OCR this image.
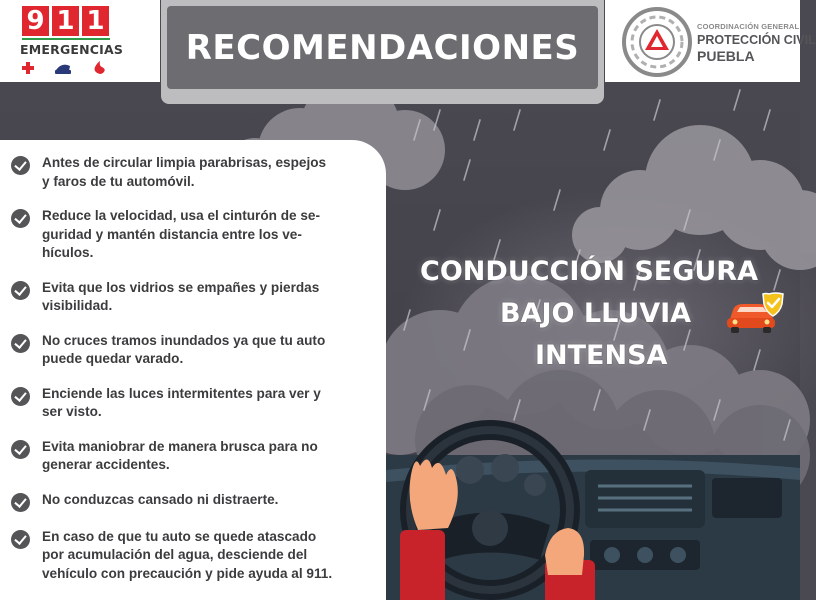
9 1 1
EMERGENCIAS RECOMENDACIONES
COORDINACIÓN GENERAL
PROTECCIÓN CIVIL
PUEBLA
Antes de circular limpia parabrisas, espejos
y faros de tu automóvil.
Reduce la velocidad, usa el cinturón de se-
guridad y mantén distancia entre los ve-
hículos.
Evita que los vidrios se empañes y pierdas
visibilidad.
No cruces tramos inundados ya que tu auto
puede quedar varado.
Enciende las luces intermitentes para ver y
ser visto.
Evita maniobrar de manera brusca para no
generar accidentes.
No conduzcas cansado ni distraerte.
En caso de que tu auto se quede atascado
por acumulación del agua, desciende del
vehículo con precaución y pide ayuda al 911.
CONDUCCIÓN SEGURA
BAJO LLUVIA
INTENSA
